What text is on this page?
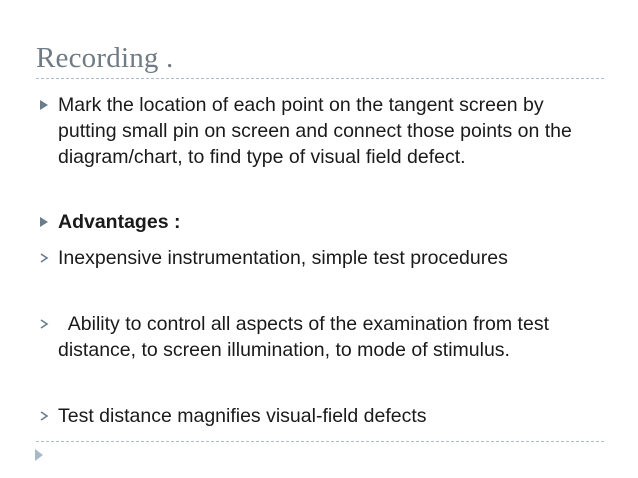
Recording .
Mark the location of each point on the tangent screen by putting small pin on screen and connect those points on the diagram/chart, to find type of visual field defect.
Advantages :
Inexpensive instrumentation, simple test procedures
Ability to control all aspects of the examination from test distance, to screen illumination, to mode of stimulus.
Test distance magnifies visual-field defects
